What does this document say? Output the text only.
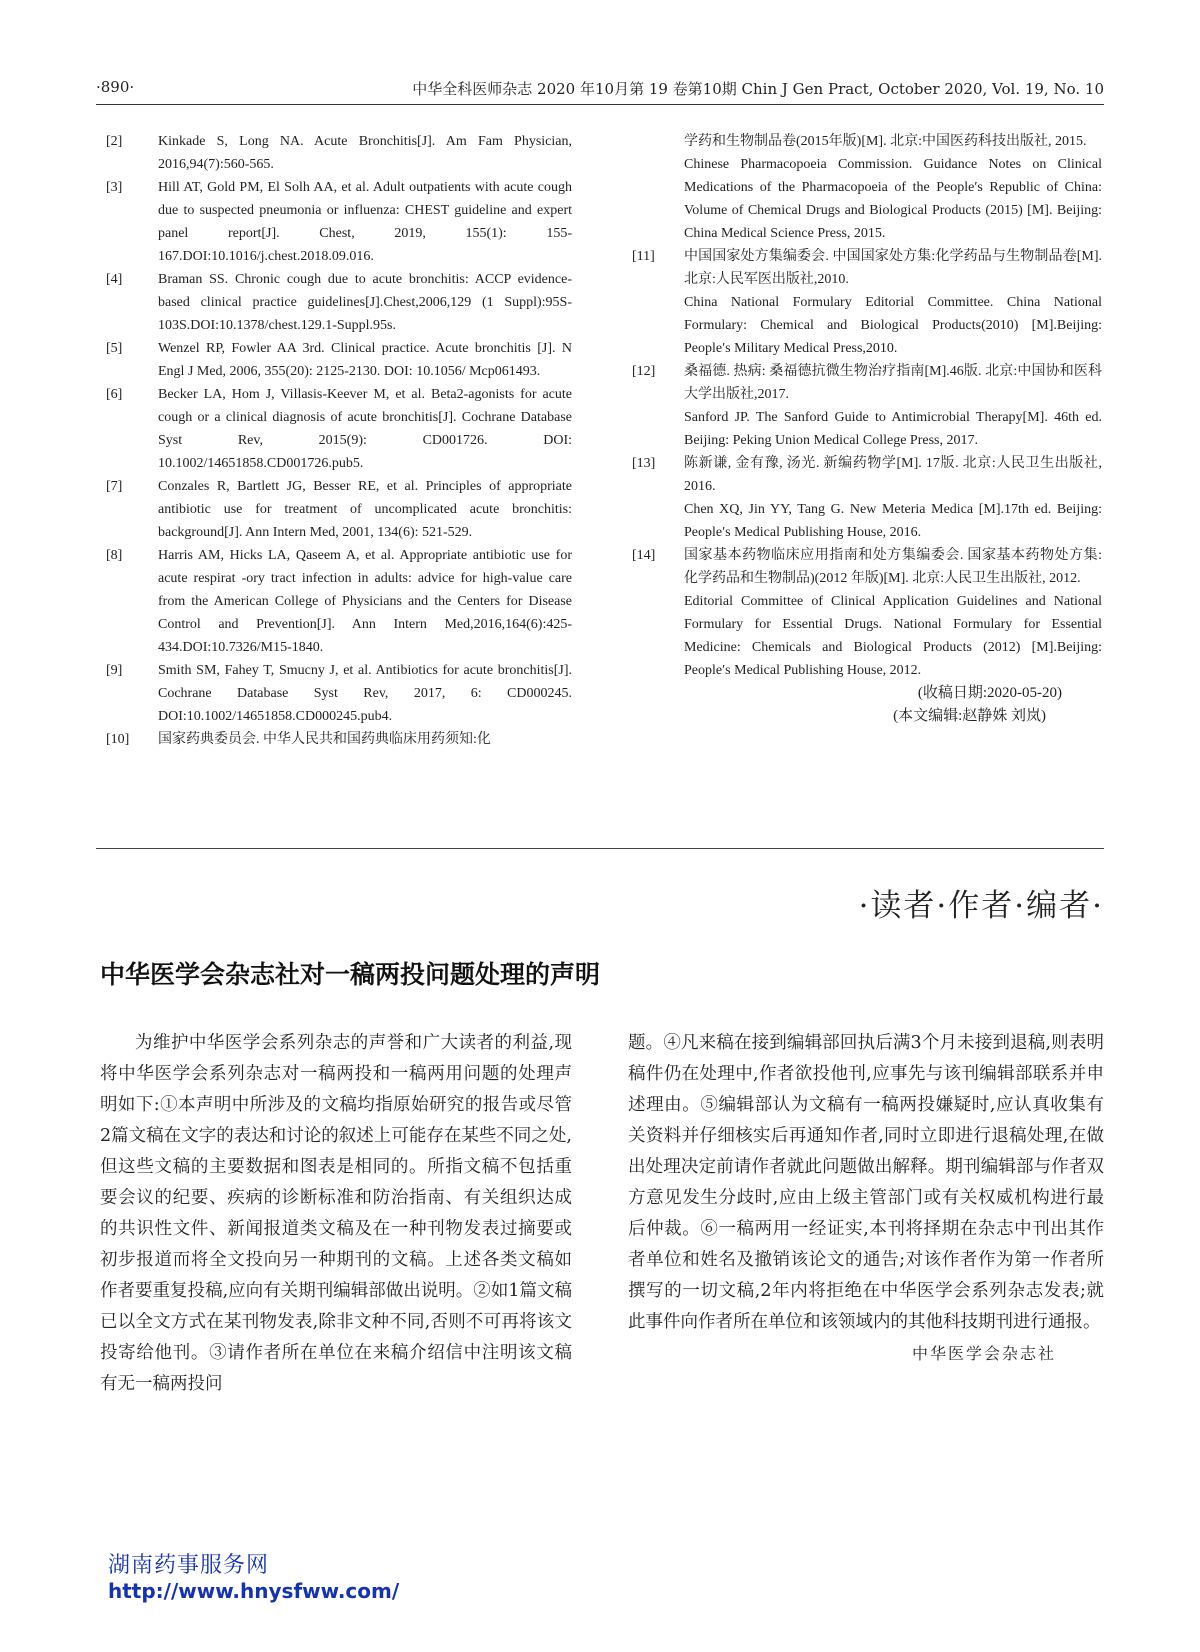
·890·	中华全科医师杂志 2020 年10月第 19 卷第10期 Chin J Gen Pract, October 2020, Vol. 19, No. 10
[2]	Kinkade S, Long NA. Acute Bronchitis[J]. Am Fam Physician, 2016,94(7):560-565.

[3]	Hill AT, Gold PM, El Solh AA, et al. Adult outpatients with acute cough due to suspected pneumonia or influenza: CHEST guideline and expert panel report[J]. Chest, 2019, 155(1): 155-167.DOI:10.1016/j.chest.2018.09.016.

[4]	Braman SS. Chronic cough due to acute bronchitis: ACCP evidence-based clinical practice guidelines[J].Chest,2006,129 (1 Suppl):95S-103S.DOI:10.1378/chest.129.1-Suppl.95s.

[5]	Wenzel RP, Fowler AA 3rd. Clinical practice. Acute bronchitis [J]. N Engl J Med, 2006, 355(20): 2125-2130. DOI: 10.1056/ Mcp061493.

[6]	Becker LA, Hom J, Villasis-Keever M, et al. Beta2-agonists for acute cough or a clinical diagnosis of acute bronchitis[J]. Cochrane Database Syst Rev, 2015(9): CD001726. DOI: 10.1002/14651858.CD001726.pub5.

[7]	Conzales R, Bartlett JG, Besser RE, et al. Principles of appropriate antibiotic use for treatment of uncomplicated acute bronchitis: background[J]. Ann Intern Med, 2001, 134(6): 521-529.

[8]	Harris AM, Hicks LA, Qaseem A, et al. Appropriate antibiotic use for acute respirat -ory tract infection in adults: advice for high-value care from the American College of Physicians and the Centers for Disease Control and Prevention[J]. Ann Intern Med,2016,164(6):425-434.DOI:10.7326/M15-1840.

[9]	Smith SM, Fahey T, Smucny J, et al. Antibiotics for acute bronchitis[J]. Cochrane Database Syst Rev, 2017, 6: CD000245. DOI:10.1002/14651858.CD000245.pub4.

[10]	国家药典委员会. 中华人民共和国药典临床用药须知:化

学药和生物制品卷(2015年版)[M]. 北京:中国医药科技出版社, 2015.

Chinese Pharmacopoeia Commission. Guidance Notes on Clinical Medications of the Pharmacopoeia of the People′s Republic of China: Volume of Chemical Drugs and Biological Products (2015) [M]. Beijing: China Medical Science Press, 2015.

[11]	中国国家处方集编委会. 中国国家处方集:化学药品与生物制品卷[M]. 北京:人民军医出版社,2010.

China National Formulary Editorial Committee. China National Formulary: Chemical and Biological Products(2010) [M].Beijing: People′s Military Medical Press,2010.

[12]	桑福德. 热病: 桑福德抗微生物治疗指南[M].46版. 北京:中国协和医科大学出版社,2017.

Sanford JP. The Sanford Guide to Antimicrobial Therapy[M]. 46th ed. Beijing: Peking Union Medical College Press, 2017.

[13]	陈新谦, 金有豫, 汤光. 新编药物学[M]. 17版. 北京:人民卫生出版社, 2016.

Chen XQ, Jin YY, Tang G. New Meteria Medica [M].17th ed. Beijing: People′s Medical Publishing House, 2016.

[14]	国家基本药物临床应用指南和处方集编委会. 国家基本药物处方集: 化学药品和生物制品)(2012 年版)[M]. 北京:人民卫生出版社, 2012.

Editorial Committee of Clinical Application Guidelines and National Formulary for Essential Drugs. National Formulary for Essential Medicine: Chemicals and Biological Products (2012) [M].Beijing: People′s Medical Publishing House, 2012.

(收稿日期:2020-05-20)
(本文编辑:赵静姝 刘岚)
·读者·作者·编者·
中华医学会杂志社对一稿两投问题处理的声明

为维护中华医学会系列杂志的声誉和广大读者的利益,现将中华医学会系列杂志对一稿两投和一稿两用问题的处理声明如下:①本声明中所涉及的文稿均指原始研究的报告或尽管2篇文稿在文字的表达和讨论的叙述上可能存在某些不同之处,但这些文稿的主要数据和图表是相同的。所指文稿不包括重要会议的纪要、疾病的诊断标准和防治指南、有关组织达成的共识性文件、新闻报道类文稿及在一种刊物发表过摘要或初步报道而将全文投向另一种期刊的文稿。上述各类文稿如作者要重复投稿,应向有关期刊编辑部做出说明。②如1篇文稿已以全文方式在某刊物发表,除非文种不同,否则不可再将该文投寄给他刊。③请作者所在单位在来稿介绍信中注明该文稿有无一稿两投问

题。④凡来稿在接到编辑部回执后满3个月未接到退稿,则表明稿件仍在处理中,作者欲投他刊,应事先与该刊编辑部联系并申述理由。⑤编辑部认为文稿有一稿两投嫌疑时,应认真收集有关资料并仔细核实后再通知作者,同时立即进行退稿处理,在做出处理决定前请作者就此问题做出解释。期刊编辑部与作者双方意见发生分歧时,应由上级主管部门或有关权威机构进行最后仲裁。⑥一稿两用一经证实,本刊将择期在杂志中刊出其作者单位和姓名及撤销该论文的通告;对该作者作为第一作者所撰写的一切文稿,2年内将拒绝在中华医学会系列杂志发表;就此事件向作者所在单位和该领域内的其他科技期刊进行通报。

中华医学会杂志社

湖南药事服务网
http://www.hnysfww.com/
